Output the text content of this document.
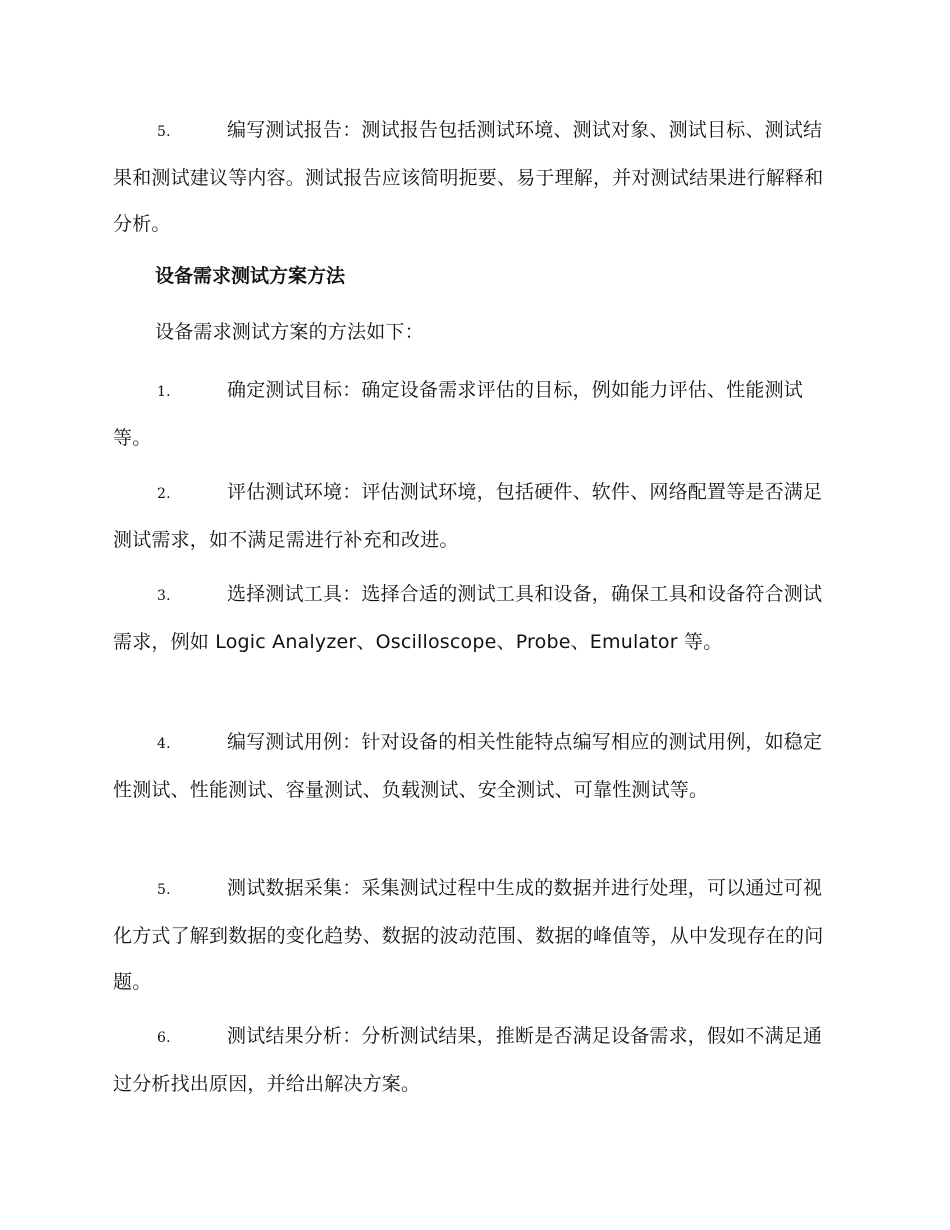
5.	编写测试报告：测试报告包括测试环境、测试对象、测试目标、测试结果和测试建议等内容。测试报告应该简明扼要、易于理解，并对测试结果进行解释和分析。

设备需求测试方案方法

设备需求测试方案的方法如下：

1.	确定测试目标：确定设备需求评估的目标，例如能力评估、性能测试等。

2.	评估测试环境：评估测试环境，包括硬件、软件、网络配置等是否满足测试需求，如不满足需进行补充和改进。

3.	选择测试工具：选择合适的测试工具和设备，确保工具和设备符合测试需求，例如 Logic Analyzer、Oscilloscope、Probe、Emulator 等。

4.	编写测试用例：针对设备的相关性能特点编写相应的测试用例，如稳定性测试、性能测试、容量测试、负载测试、安全测试、可靠性测试等。

5.	测试数据采集：采集测试过程中生成的数据并进行处理，可以通过可视化方式了解到数据的变化趋势、数据的波动范围、数据的峰值等，从中发现存在的问题。

6.	测试结果分析：分析测试结果，推断是否满足设备需求，假如不满足通过分析找出原因，并给出解决方案。
